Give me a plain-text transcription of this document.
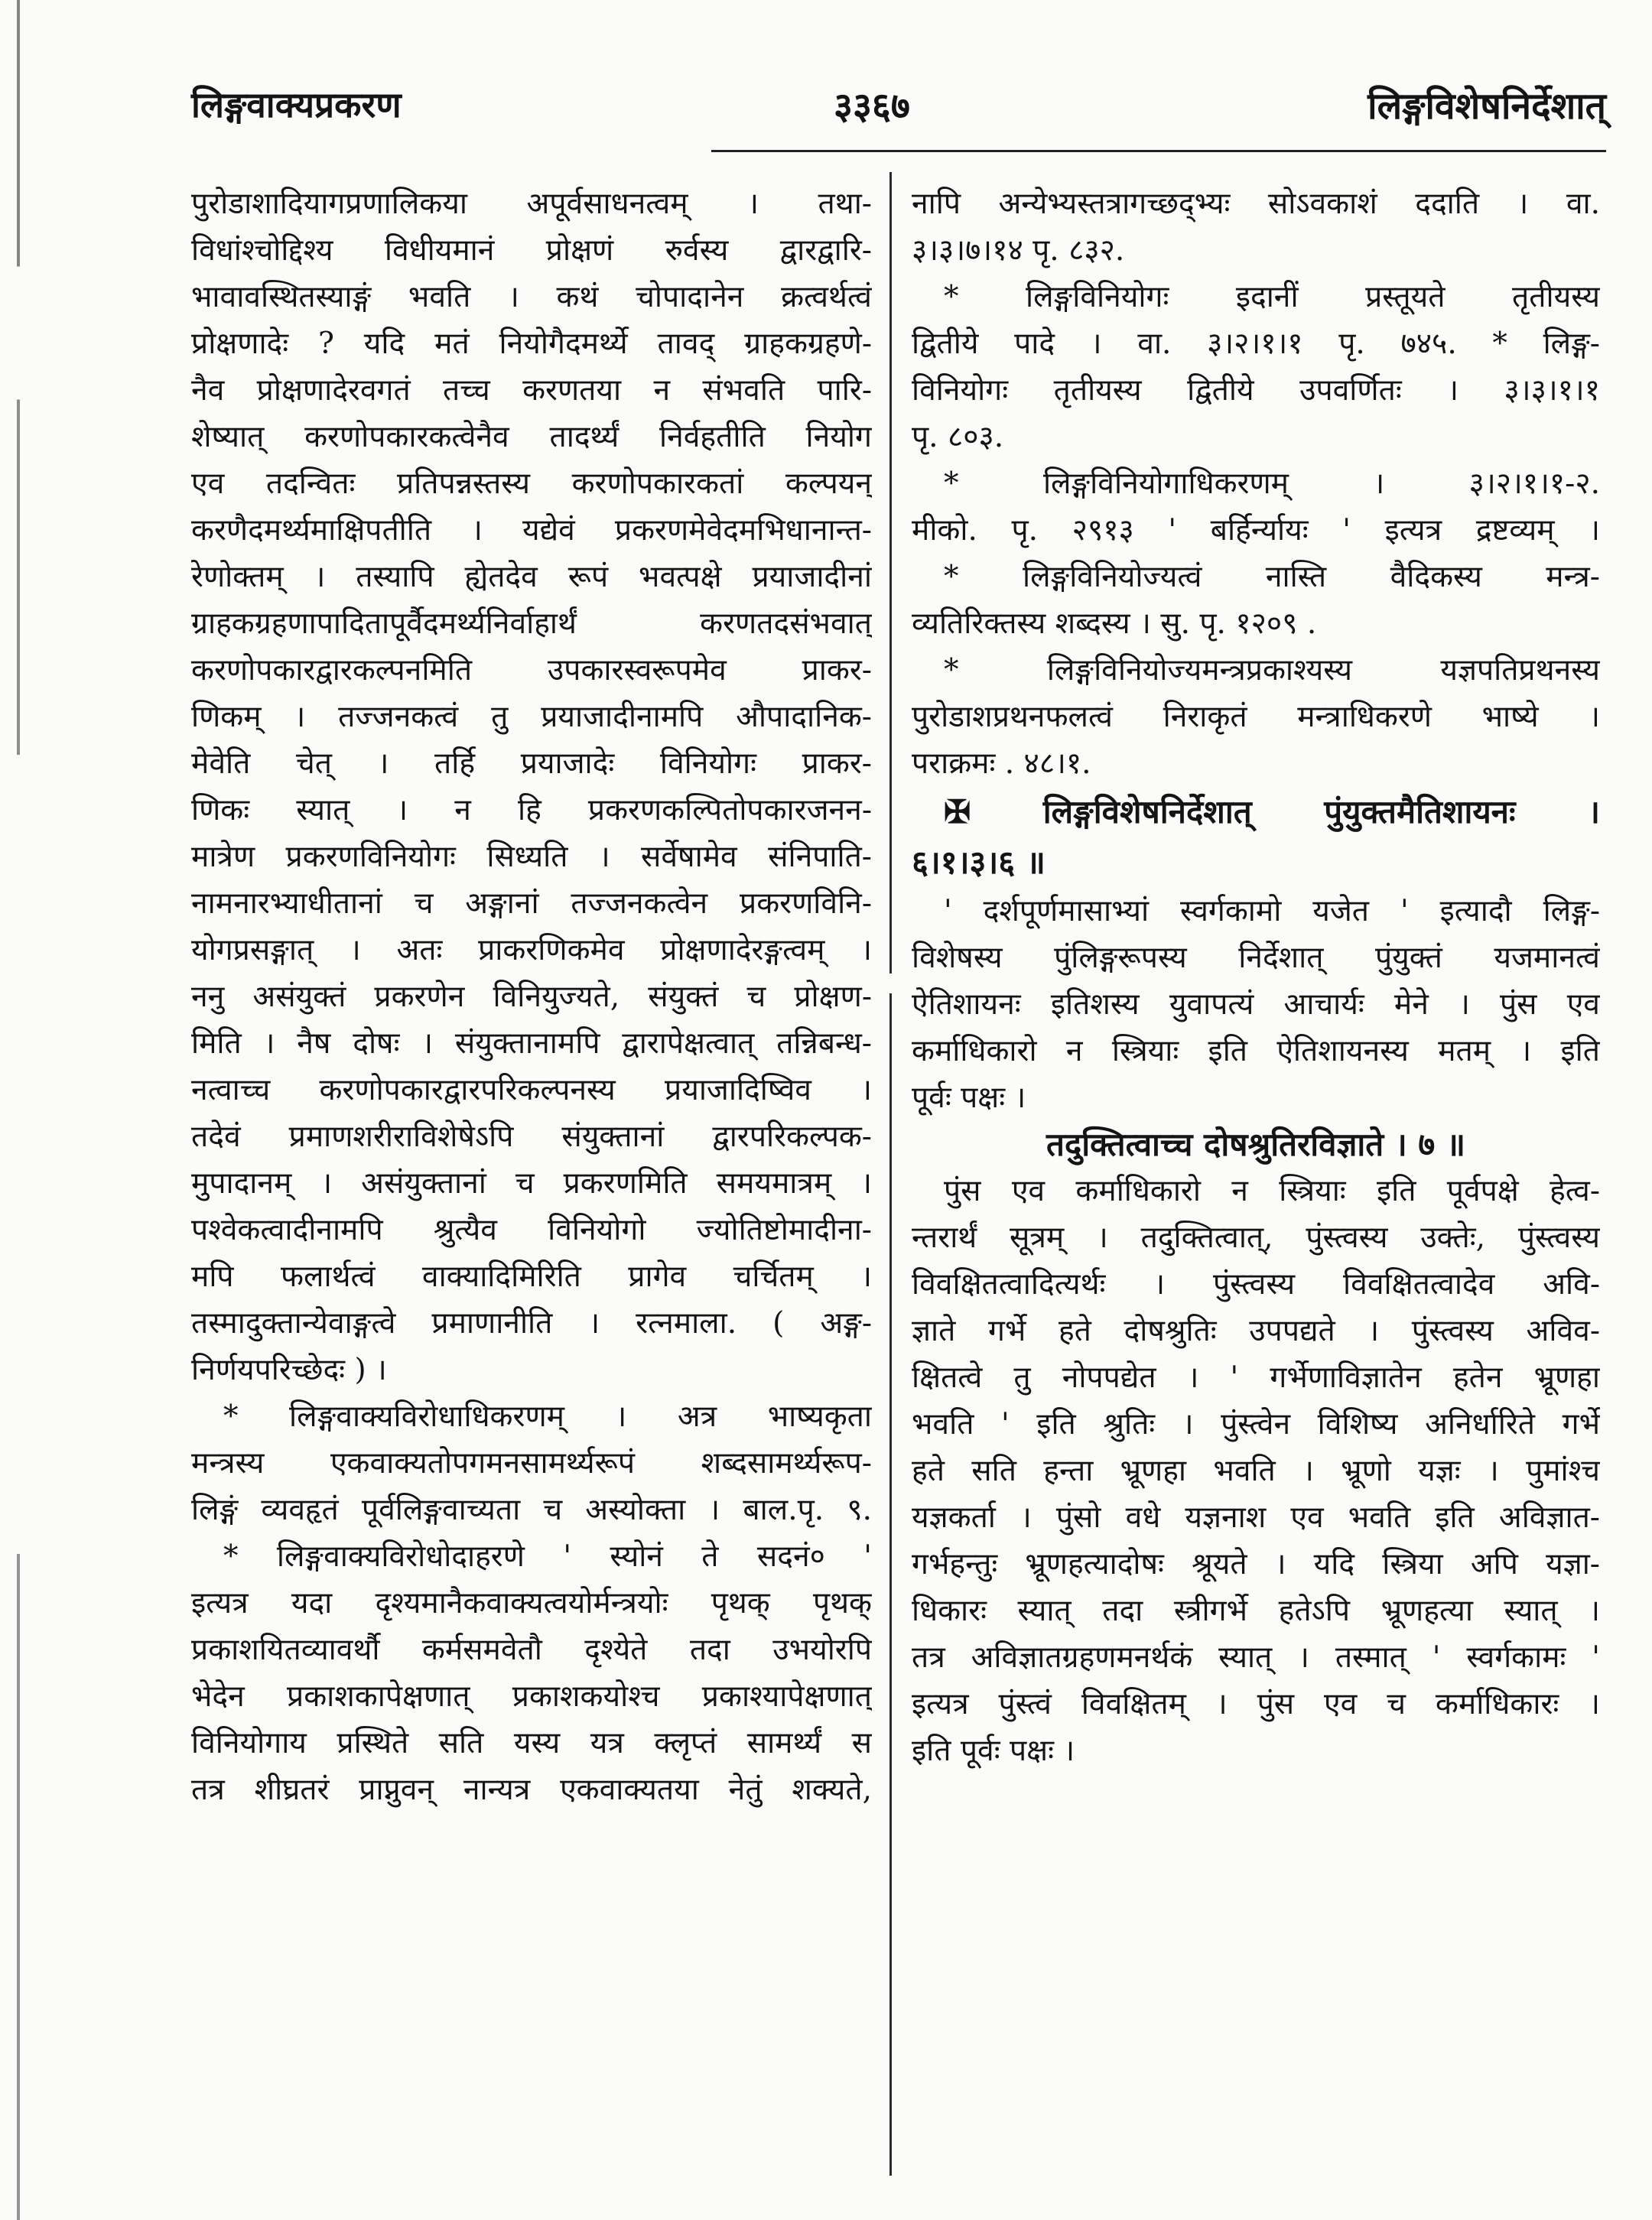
लिङ्गवाक्यप्रकरण	३३६७	लिङ्गविशेषनिर्देशात्
पुरोडाशादियागप्रणालिकया अपूर्वसाधनत्वम् । तथा-
विधांश्चोद्दिश्य विधीयमानं प्रोक्षणं रुर्वस्य द्वारद्वारि-
भावावस्थितस्याङ्गं भवति । कथं चोपादानेन क्रत्वर्थत्वं
प्रोक्षणादेः ? यदि मतं नियोगैदमर्थ्ये तावद् ग्राहकग्रहणे-
नैव प्रोक्षणादेरवगतं तच्च करणतया न संभवति पारि-
शेष्यात् करणोपकारकत्वेनैव तादर्थ्यं निर्वहतीति नियोग
एव तदन्वितः प्रतिपन्नस्तस्य करणोपकारकतां कल्पयन्
करणैदमर्थ्यमाक्षिपतीति । यद्येवं प्रकरणमेवेदमभिधानान्त-
रेणोक्तम् । तस्यापि ह्येतदेव रूपं भवत्पक्षे प्रयाजादीनां
ग्राहकग्रहणापादितापूर्वैदमर्थ्यनिर्वाहार्थं करणतदसंभवात्
करणोपकारद्वारकल्पनमिति उपकारस्वरूपमेव प्राकर-
णिकम् । तज्जनकत्वं तु प्रयाजादीनामपि औपादानिक-
मेवेति चेत् । तर्हि प्रयाजादेः विनियोगः प्राकर-
णिकः स्यात् । न हि प्रकरणकल्पितोपकारजनन-
मात्रेण प्रकरणविनियोगः सिध्यति । सर्वेषामेव संनिपाति-
नामनारभ्याधीतानां च अङ्गानां तज्जनकत्वेन प्रकरणविनि-
योगप्रसङ्गात् । अतः प्राकरणिकमेव प्रोक्षणादेरङ्गत्वम् ।
ननु असंयुक्तं प्रकरणेन विनियुज्यते, संयुक्तं च प्रोक्षण-
मिति । नैष दोषः । संयुक्तानामपि द्वारापेक्षत्वात् तन्निबन्ध-
नत्वाच्च करणोपकारद्वारपरिकल्पनस्य प्रयाजादिष्विव ।
तदेवं प्रमाणशरीराविशेषेऽपि संयुक्तानां द्वारपरिकल्पक-
मुपादानम् । असंयुक्तानां च प्रकरणमिति समयमात्रम् ।
पश्वेकत्वादीनामपि श्रुत्यैव विनियोगो ज्योतिष्टोमादीना-
मपि फलार्थत्वं वाक्यादिमिरिति प्रागेव चर्चितम् ।
तस्मादुक्तान्येवाङ्गत्वे प्रमाणानीति । रत्नमाला. ( अङ्ग-
निर्णयपरिच्छेदः ) ।
* लिङ्गवाक्यविरोधाधिकरणम् । अत्र भाष्यकृता
मन्त्रस्य एकवाक्यतोपगमनसामर्थ्यरूपं शब्दसामर्थ्यरूप-
लिङ्गं व्यवहृतं पूर्वलिङ्गवाच्यता च अस्योक्ता । बाल.पृ. ९.
* लिङ्गवाक्यविरोधोदाहरणे ' स्योनं ते सदनं० '
इत्यत्र यदा दृश्यमानैकवाक्यत्वयोर्मन्त्रयोः पृथक् पृथक्
प्रकाशयितव्यावर्थौ कर्मसमवेतौ दृश्येते तदा उभयोरपि
भेदेन प्रकाशकापेक्षणात् प्रकाशकयोश्च प्रकाश्यापेक्षणात्
विनियोगाय प्रस्थिते सति यस्य यत्र क्लृप्तं सामर्थ्यं स
तत्र शीघ्रतरं प्राप्नुवन् नान्यत्र एकवाक्यतया नेतुं शक्यते,
नापि अन्येभ्यस्तत्रागच्छद्भ्यः सोऽवकाशं ददाति । वा.
३।३।७।१४ पृ. ८३२.
* लिङ्गविनियोगः इदानीं प्रस्तूयते तृतीयस्य
द्वितीये पादे । वा. ३।२।१।१ पृ. ७४५. * लिङ्ग-
विनियोगः तृतीयस्य द्वितीये उपवर्णितः । ३।३।१।१
पृ. ८०३.
* लिङ्गविनियोगाधिकरणम् । ३।२।१।१-२.
मीको. पृ. २९१३ ' बर्हिर्न्यायः ' इत्यत्र द्रष्टव्यम् ।
* लिङ्गविनियोज्यत्वं नास्ति वैदिकस्य मन्त्र-
व्यतिरिक्तस्य शब्दस्य । सु. पृ. १२०९ .
* लिङ्गविनियोज्यमन्त्रप्रकाश्यस्य यज्ञपतिप्रथनस्य
पुरोडाशप्रथनफलत्वं निराकृतं मन्त्राधिकरणे भाष्ये ।
पराक्रमः . ४८।१.
✠ लिङ्गविशेषनिर्देशात् पुंयुक्तमैतिशायनः ।
६।१।३।६ ॥
' दर्शपूर्णमासाभ्यां स्वर्गकामो यजेत ' इत्यादौ लिङ्ग-
विशेषस्य पुंलिङ्गरूपस्य निर्देशात् पुंयुक्तं यजमानत्वं
ऐतिशायनः इतिशस्य युवापत्यं आचार्यः मेने । पुंस एव
कर्माधिकारो न स्त्रियाः इति ऐतिशायनस्य मतम् । इति
पूर्वः पक्षः ।
तदुक्तित्वाच्च दोषश्रुतिरविज्ञाते । ७ ॥
पुंस एव कर्माधिकारो न स्त्रियाः इति पूर्वपक्षे हेत्व-
न्तरार्थं सूत्रम् । तदुक्तित्वात्, पुंस्त्वस्य उक्तेः, पुंस्त्वस्य
विवक्षितत्वादित्यर्थः । पुंस्त्वस्य विवक्षितत्वादेव अवि-
ज्ञाते गर्भे हते दोषश्रुतिः उपपद्यते । पुंस्त्वस्य अविव-
क्षितत्वे तु नोपपद्येत । ' गर्भेणाविज्ञातेन हतेन भ्रूणहा
भवति ' इति श्रुतिः । पुंस्त्वेन विशिष्य अनिर्धारिते गर्भे
हते सति हन्ता भ्रूणहा भवति । भ्रूणो यज्ञः । पुमांश्च
यज्ञकर्ता । पुंसो वधे यज्ञनाश एव भवति इति अविज्ञात-
गर्भहन्तुः भ्रूणहत्यादोषः श्रूयते । यदि स्त्रिया अपि यज्ञा-
धिकारः स्यात् तदा स्त्रीगर्भे हतेऽपि भ्रूणहत्या स्यात् ।
तत्र अविज्ञातग्रहणमनर्थकं स्यात् । तस्मात् ' स्वर्गकामः '
इत्यत्र पुंस्त्वं विवक्षितम् । पुंस एव च कर्माधिकारः ।
इति पूर्वः पक्षः ।
